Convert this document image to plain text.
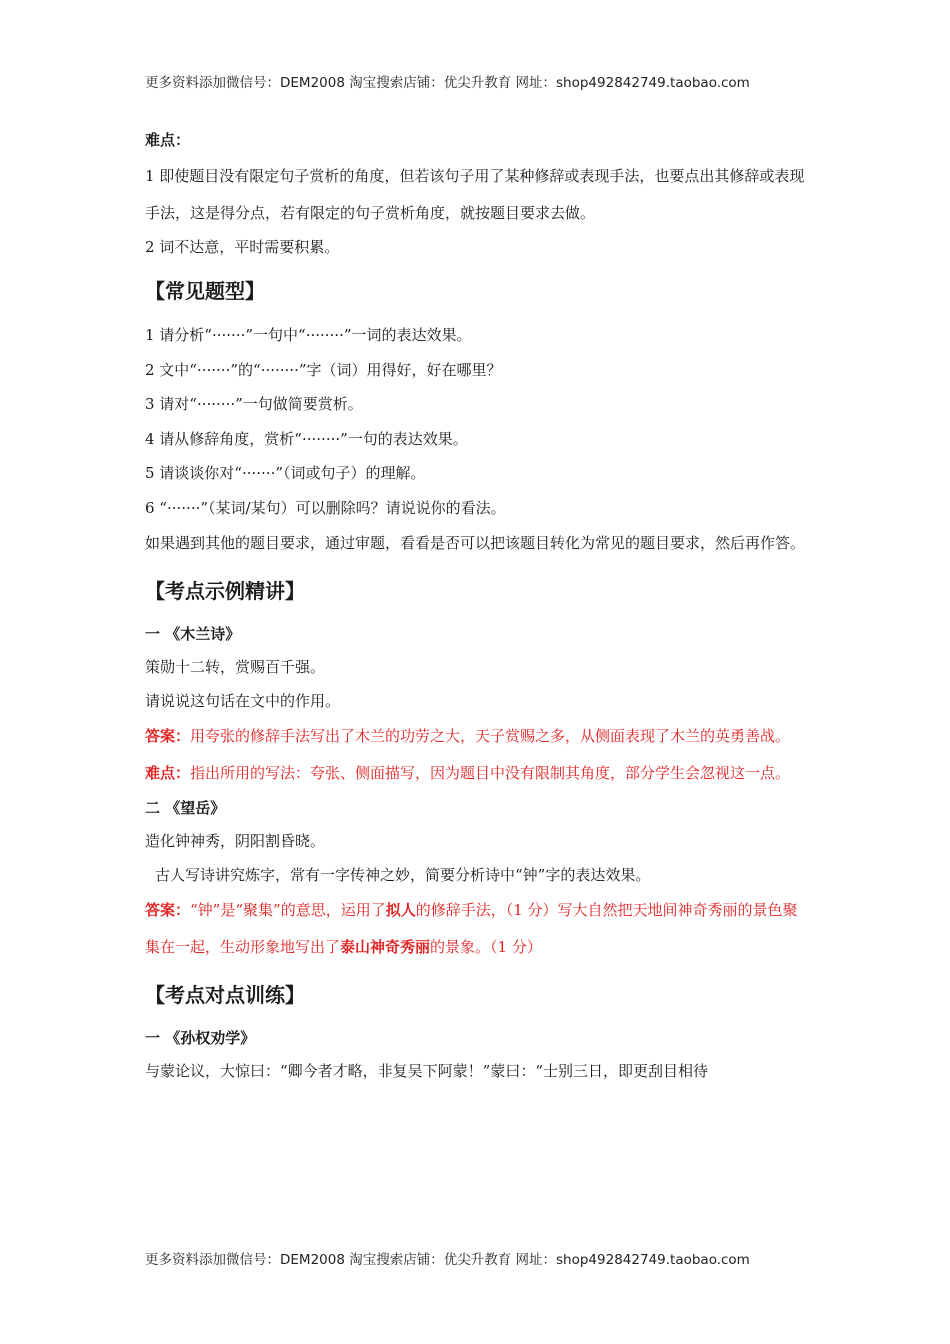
更多资料添加微信号：DEM2008 淘宝搜索店铺：优尖升教育 网址：shop492842749.taobao.com

难点：

1 即使题目没有限定句子赏析的角度，但若该句子用了某种修辞或表现手法，也要点出其修辞或表现手法，这是得分点，若有限定的句子赏析角度，就按题目要求去做。

2 词不达意，平时需要积累。

【常见题型】

1 请分析“·······”一句中“········”一词的表达效果。

2 文中“·······”的“········”字（词）用得好，好在哪里？

3 请对“········”一句做简要赏析。

4 请从修辞角度，赏析“········”一句的表达效果。

5 请谈谈你对“·······”（词或句子）的理解。

6 “·······”（某词/某句）可以删除吗？请说说你的看法。

如果遇到其他的题目要求，通过审题，看看是否可以把该题目转化为常见的题目要求，然后再作答。

【考点示例精讲】

一 《木兰诗》

策勋十二转，赏赐百千强。

请说说这句话在文中的作用。

答案：用夸张的修辞手法写出了木兰的功劳之大，天子赏赐之多，从侧面表现了木兰的英勇善战。

难点：指出所用的写法：夸张、侧面描写，因为题目中没有限制其角度，部分学生会忽视这一点。

二 《望岳》

造化钟神秀，阴阳割昏晓。

古人写诗讲究炼字，常有一字传神之妙，简要分析诗中“钟”字的表达效果。

答案：“钟”是“聚集”的意思，运用了拟人的修辞手法，（1 分）写大自然把天地间神奇秀丽的景色聚集在一起，生动形象地写出了泰山神奇秀丽的景象。（1 分）

【考点对点训练】

一 《孙权劝学》

与蒙论议，大惊曰：“卿今者才略，非复吴下阿蒙！”蒙曰：“士别三日，即更刮目相待

更多资料添加微信号：DEM2008 淘宝搜索店铺：优尖升教育 网址：shop492842749.taobao.com
